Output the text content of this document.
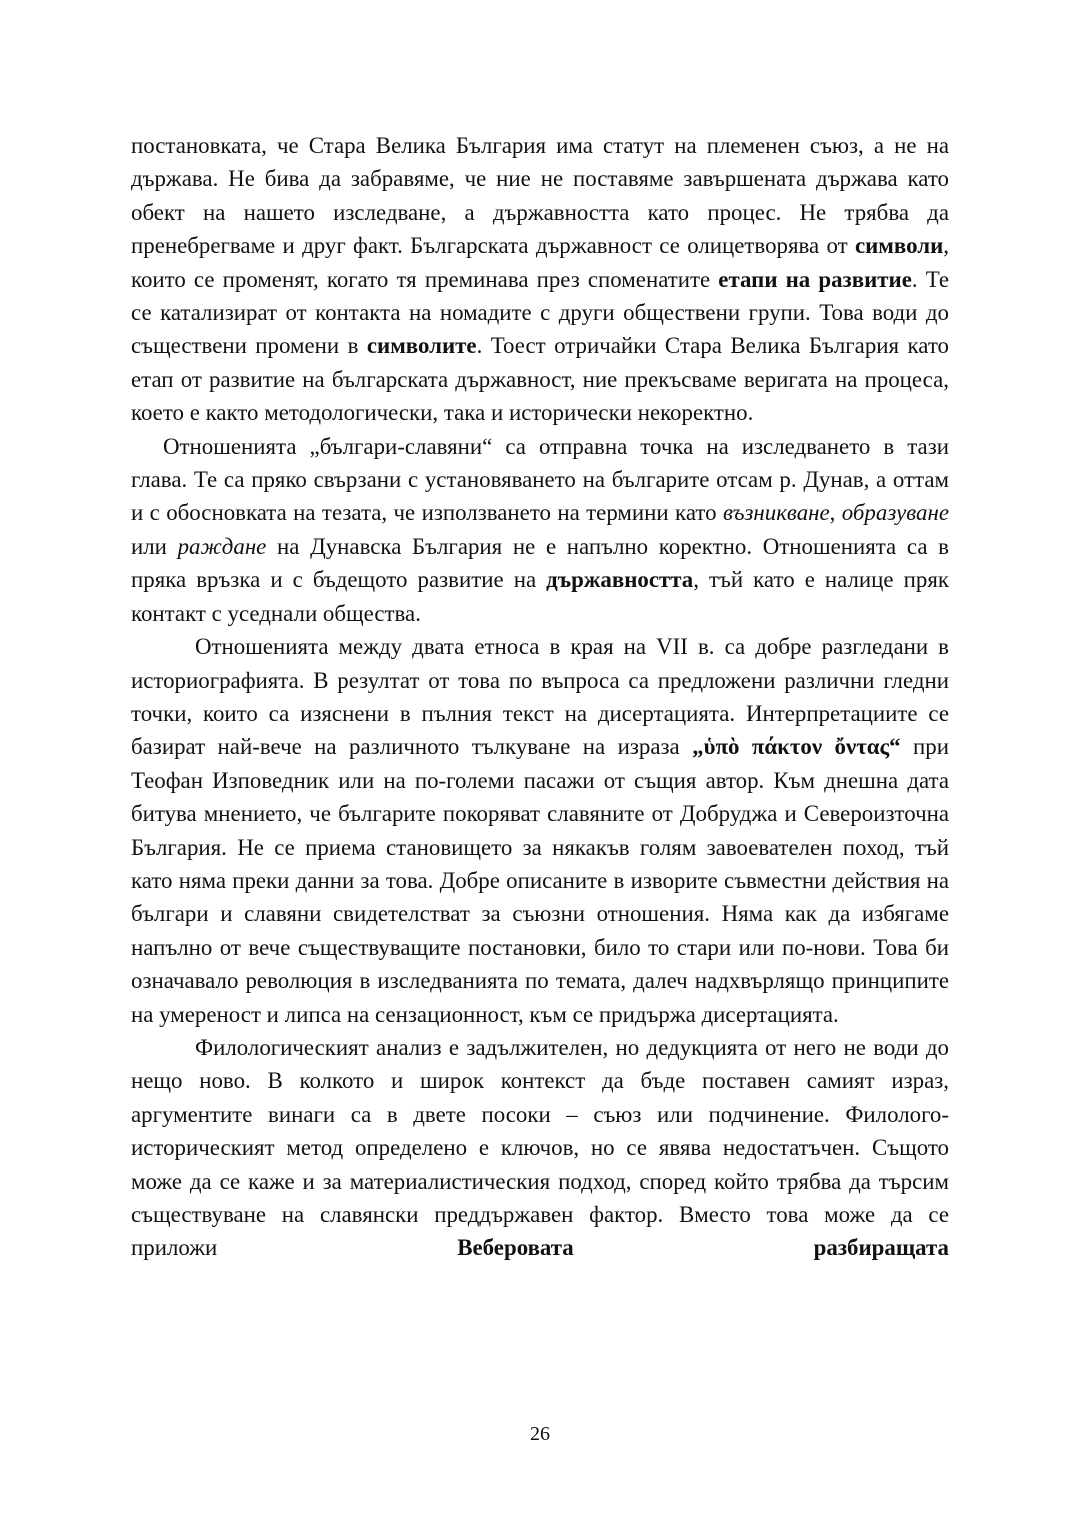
постановката, че Стара Велика България има статут на племенен съюз, а не на държава. Не бива да забравяме, че ние не поставяме завършената държава като обект на нашето изследване, а държавността като процес. Не трябва да пренебрегваме и друг факт. Българската държавност се олицетворява от символи, които се променят, когато тя преминава през споменатите етапи на развитие. Те се катализират от контакта на номадите с други обществени групи. Това води до съществени промени в символите. Тоест отричайки Стара Велика България като етап от развитие на българската държавност, ние прекъсваме веригата на процеса, което е както методологически, така и исторически некоректно.

Отношенията „българи-славяни“ са отправна точка на изследването в тази глава. Те са пряко свързани с установяването на българите отсам р. Дунав, а оттам и с обосновката на тезата, че използването на термини като възникване, образуване или раждане на Дунавска България не е напълно коректно. Отношенията са в пряка връзка и с бъдещото развитие на държавността, тъй като е налице пряк контакт с уседнали общества.

Отношенията между двата етноса в края на VII в. са добре разгледани в историографията. В резултат от това по въпроса са предложени различни гледни точки, които са изяснени в пълния текст на дисертацията. Интерпретациите се базират най-вече на различното тълкуване на израза „ὑπὸ πάκτον ὄντας“ при Теофан Изповедник или на по-големи пасажи от същия автор. Към днешна дата битува мнението, че българите покоряват славяните от Добруджа и Североизточна България. Не се приема становището за някакъв голям завоевателен поход, тъй като няма преки данни за това. Добре описаните в изворите съвместни действия на българи и славяни свидетелстват за съюзни отношения. Няма как да избягаме напълно от вече съществуващите постановки, било то стари или по-нови. Това би означавало революция в изследванията по темата, далеч надхвърлящо принципите на умереност и липса на сензационност, към се придържа дисертацията.

Филологическият анализ е задължителен, но дедукцията от него не води до нещо ново. В колкото и широк контекст да бъде поставен самият израз, аргументите винаги са в двете посоки – съюз или подчинение. Филолого-историческият метод определено е ключов, но се явява недостатъчен. Същото може да се каже и за материалистическия подход, според който трябва да търсим съществуване на славянски преддържавен фактор. Вместо това може да се приложи Веберовата разбиращата

26
